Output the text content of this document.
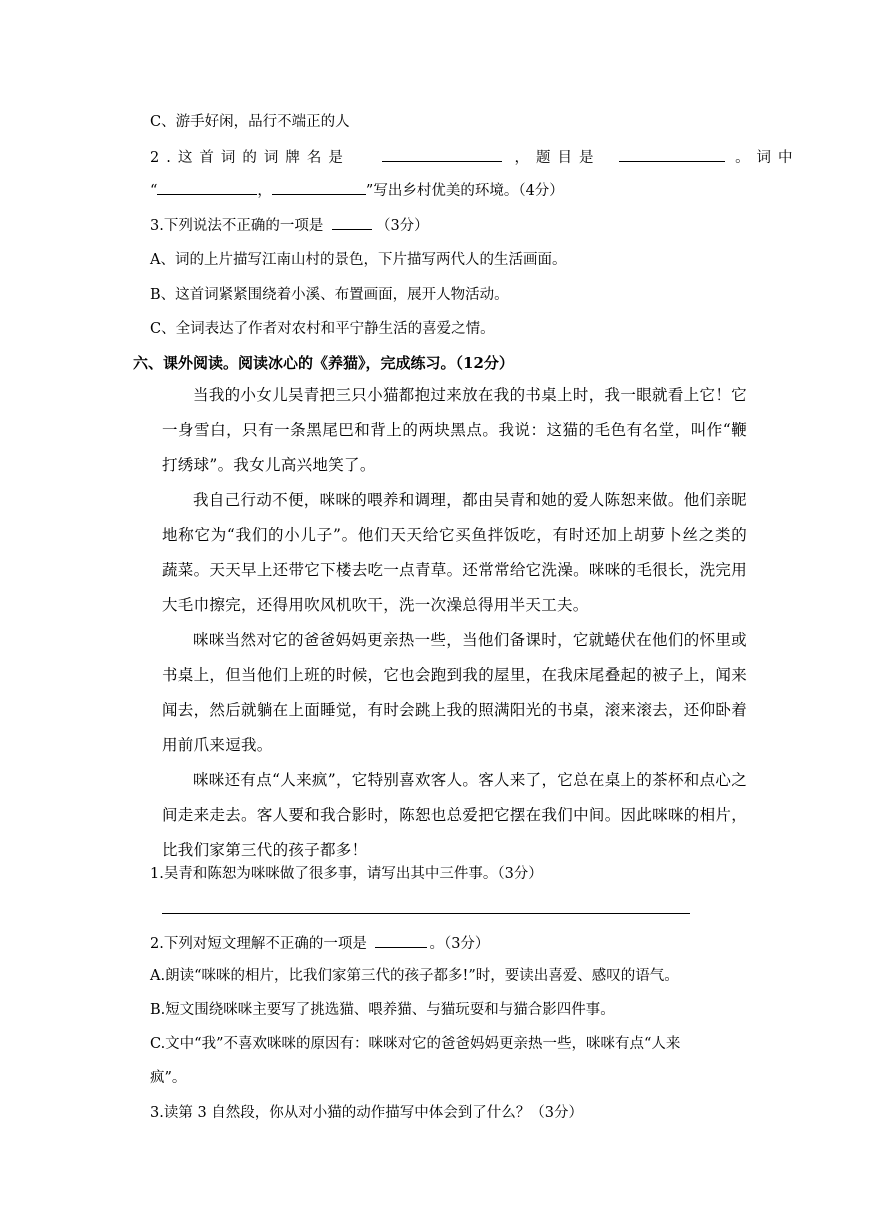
C、游手好闲，品行不端正的人
2.这首词的词牌名是	，题目是	。词中
“	，	”写出乡村优美的环境。（4分）
3.下列说法不正确的一项是	（3分）
A、词的上片描写江南山村的景色，下片描写两代人的生活画面。
B、这首词紧紧围绕着小溪、布置画面，展开人物活动。
C、全词表达了作者对农村和平宁静生活的喜爱之情。
六、课外阅读。阅读冰心的《养猫》，完成练习。（12分）
当我的小女儿吴青把三只小猫都抱过来放在我的书桌上时，我一眼就看上它！它一身雪白，只有一条黑尾巴和背上的两块黑点。我说：这猫的毛色有名堂，叫作“鞭打绣球”。我女儿高兴地笑了。
我自己行动不便，咪咪的喂养和调理，都由吴青和她的爱人陈恕来做。他们亲昵地称它为“我们的小儿子”。他们天天给它买鱼拌饭吃，有时还加上胡萝卜丝之类的蔬菜。天天早上还带它下楼去吃一点青草。还常常给它洗澡。咪咪的毛很长，洗完用大毛巾擦完，还得用吹风机吹干，洗一次澡总得用半天工夫。
咪咪当然对它的爸爸妈妈更亲热一些，当他们备课时，它就蜷伏在他们的怀里或书桌上，但当他们上班的时候，它也会跑到我的屋里，在我床尾叠起的被子上，闻来闻去，然后就躺在上面睡觉，有时会跳上我的照满阳光的书桌，滚来滚去，还仰卧着用前爪来逗我。
咪咪还有点“人来疯”，它特别喜欢客人。客人来了，它总在桌上的茶杯和点心之间走来走去。客人要和我合影时，陈恕也总爱把它摆在我们中间。因此咪咪的相片，比我们家第三代的孩子都多！
1.吴青和陈恕为咪咪做了很多事，请写出其中三件事。（3分）
2.下列对短文理解不正确的一项是	。（3分）
A.朗读“咪咪的相片，比我们家第三代的孩子都多!”时，要读出喜爱、感叹的语气。
B.短文围绕咪咪主要写了挑选猫、喂养猫、与猫玩耍和与猫合影四件事。
C.文中“我”不喜欢咪咪的原因有：咪咪对它的爸爸妈妈更亲热一些，咪咪有点“人来
疯”。
3.读第 3 自然段，你从对小猫的动作描写中体会到了什么？（3分）
